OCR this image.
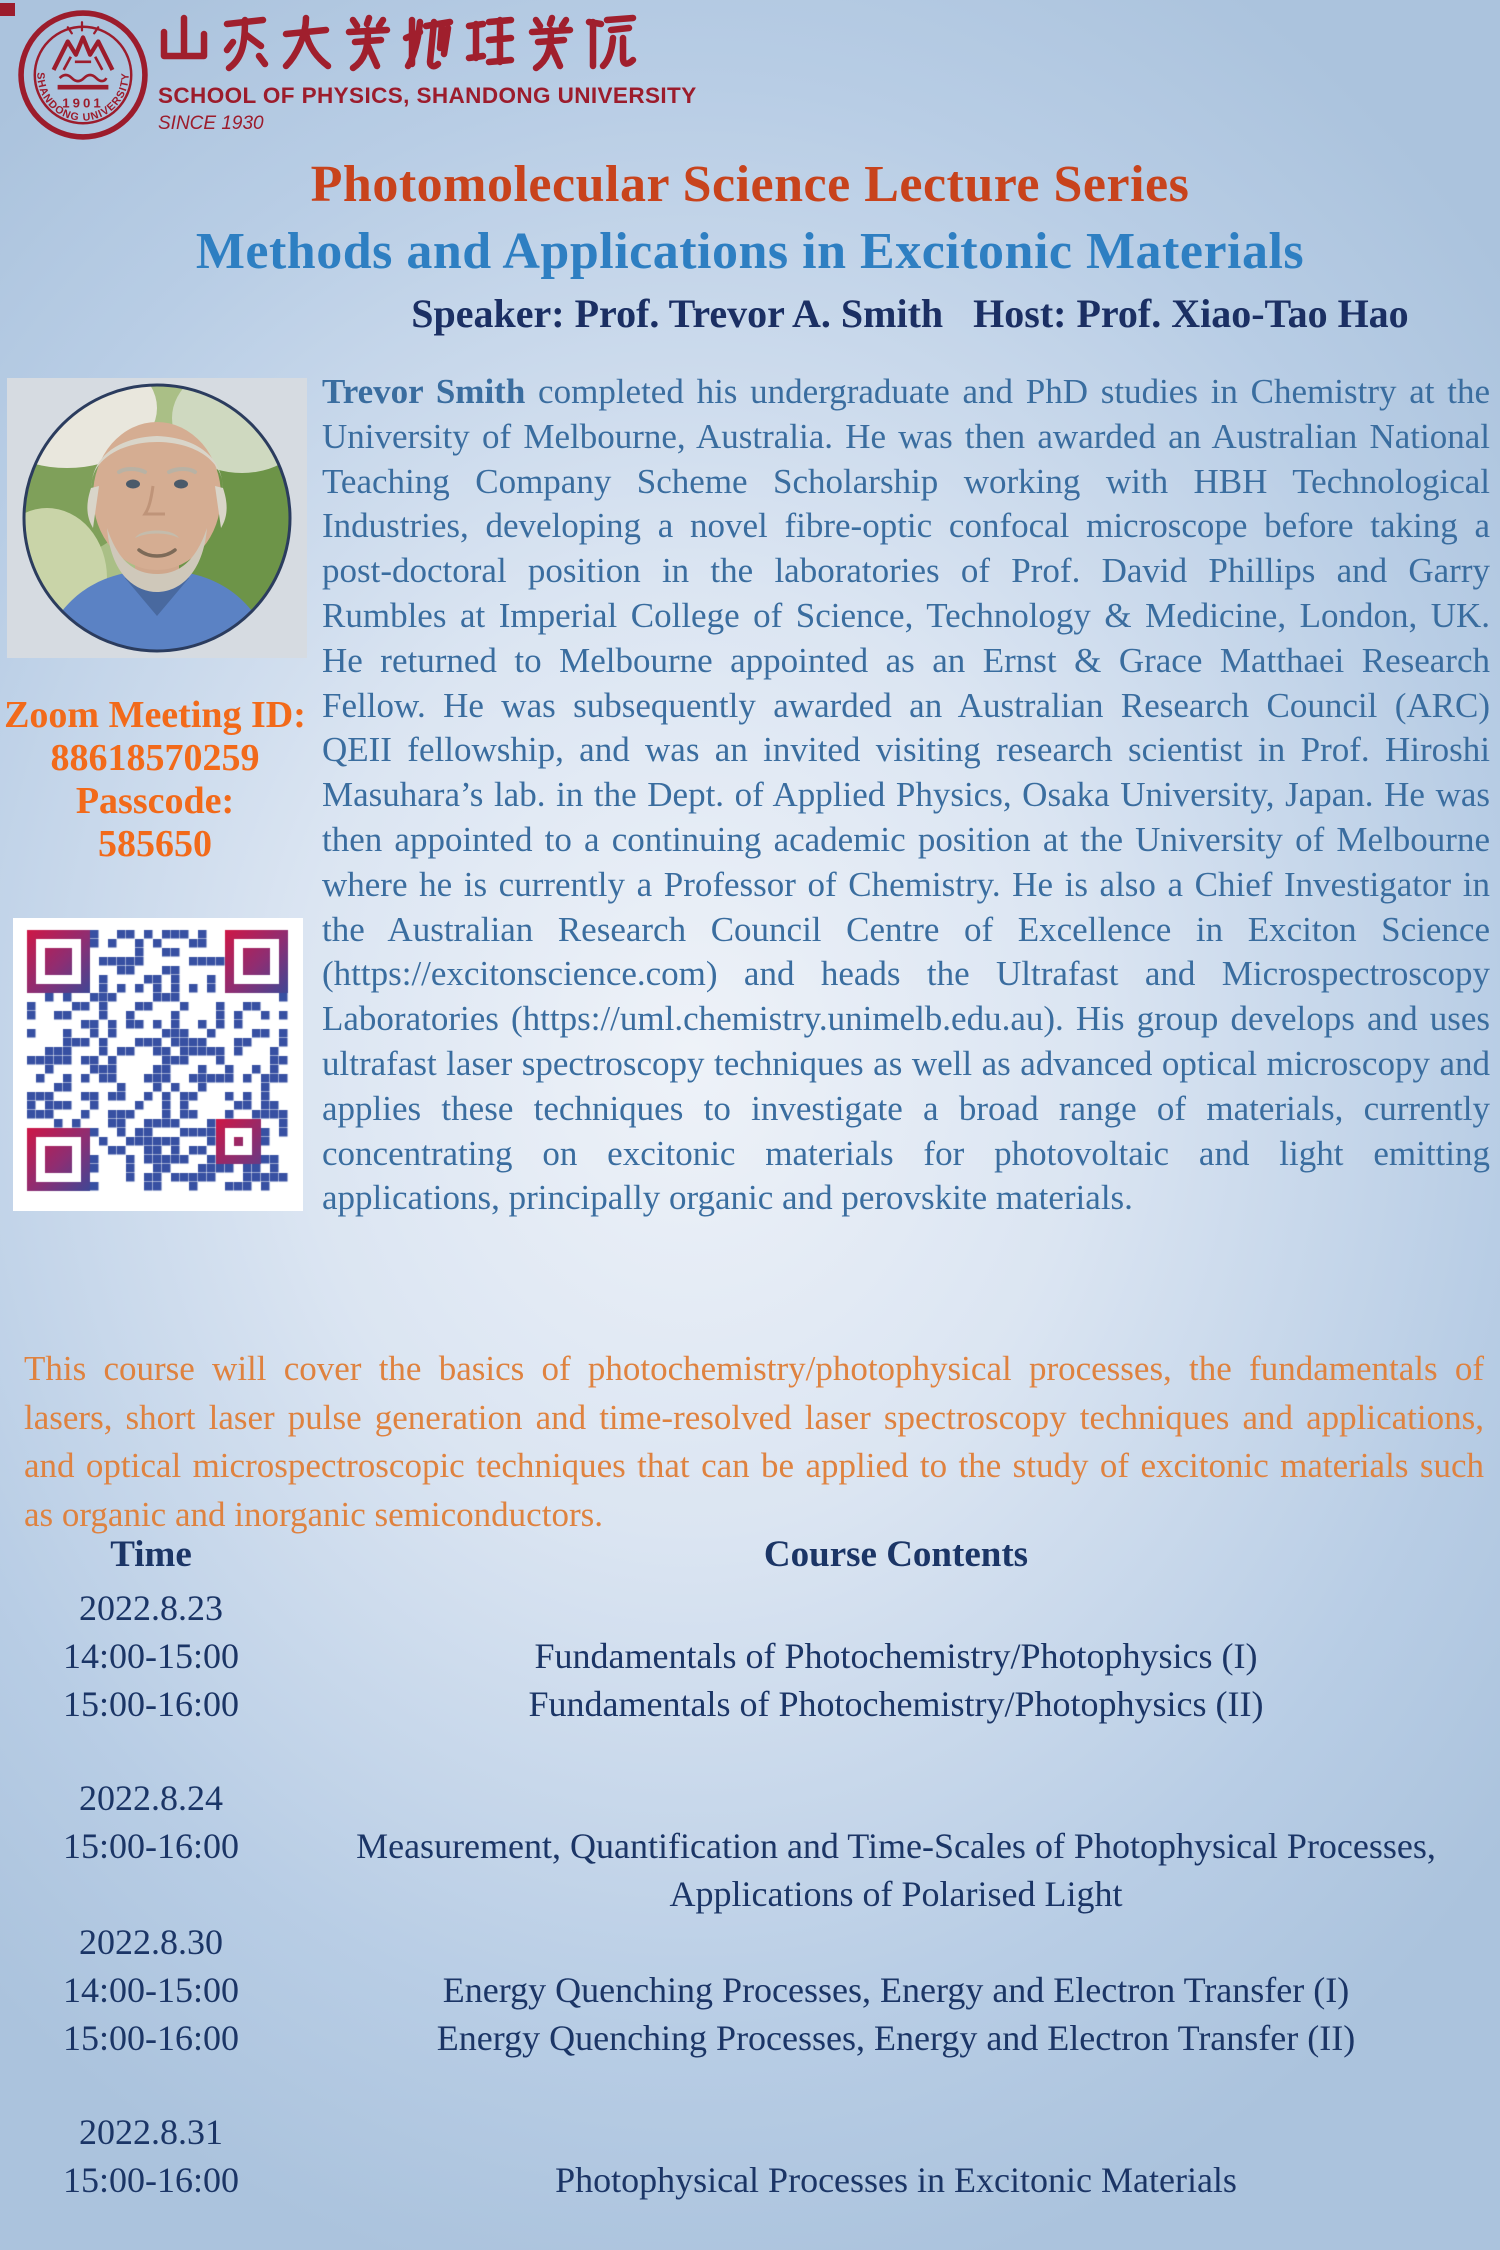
1901
SHANDONG UNIVERSITY
SCHOOL OF PHYSICS, SHANDONG UNIVERSITY
SINCE 1930
Photomolecular Science Lecture Series
Methods and Applications in Excitonic Materials
Speaker: Prof. Trevor A. Smith   Host: Prof. Xiao-Tao Hao
Zoom Meeting ID:
88618570259
Passcode:
585650

Trevor Smith completed his undergraduate and PhD studies in Chemistry at the University of Melbourne, Australia. He was then awarded an Australian National Teaching Company Scheme Scholarship working with HBH Technological Industries, developing a novel fibre-optic confocal microscope before taking a post-doctoral position in the laboratories of Prof. David Phillips and Garry Rumbles at Imperial College of Science, Technology & Medicine, London, UK. He returned to Melbourne appointed as an Ernst & Grace Matthaei Research Fellow. He was subsequently awarded an Australian Research Council (ARC) QEII fellowship, and was an invited visiting research scientist in Prof. Hiroshi Masuhara’s lab. in the Dept. of Applied Physics, Osaka University, Japan. He was then appointed to a continuing academic position at the University of Melbourne where he is currently a Professor of Chemistry. He is also a Chief Investigator in the Australian Research Council Centre of Excellence in Exciton Science (https://excitonscience.com) and heads the Ultrafast and Microspectroscopy Laboratories (https://uml.chemistry.unimelb.edu.au). His group develops and uses ultrafast laser spectroscopy techniques as well as advanced optical microscopy and applies these techniques to investigate a broad range of materials, currently concentrating on excitonic materials for photovoltaic and light emitting applications, principally organic and perovskite materials.

This course will cover the basics of photochemistry/photophysical processes, the fundamentals of lasers, short laser pulse generation and time-resolved laser spectroscopy techniques and applications, and optical microspectroscopic techniques that can be applied to the study of excitonic materials such as organic and inorganic semiconductors.

Time	Course Contents
2022.8.23
14:00-15:00	Fundamentals of Photochemistry/Photophysics (I)
15:00-16:00	Fundamentals of Photochemistry/Photophysics (II)
2022.8.24
15:00-16:00	Measurement, Quantification and Time-Scales of Photophysical Processes, Applications of Polarised Light
2022.8.30
14:00-15:00	Energy Quenching Processes, Energy and Electron Transfer (I)
15:00-16:00	Energy Quenching Processes, Energy and Electron Transfer (II)
2022.8.31
15:00-16:00	Photophysical Processes in Excitonic Materials
